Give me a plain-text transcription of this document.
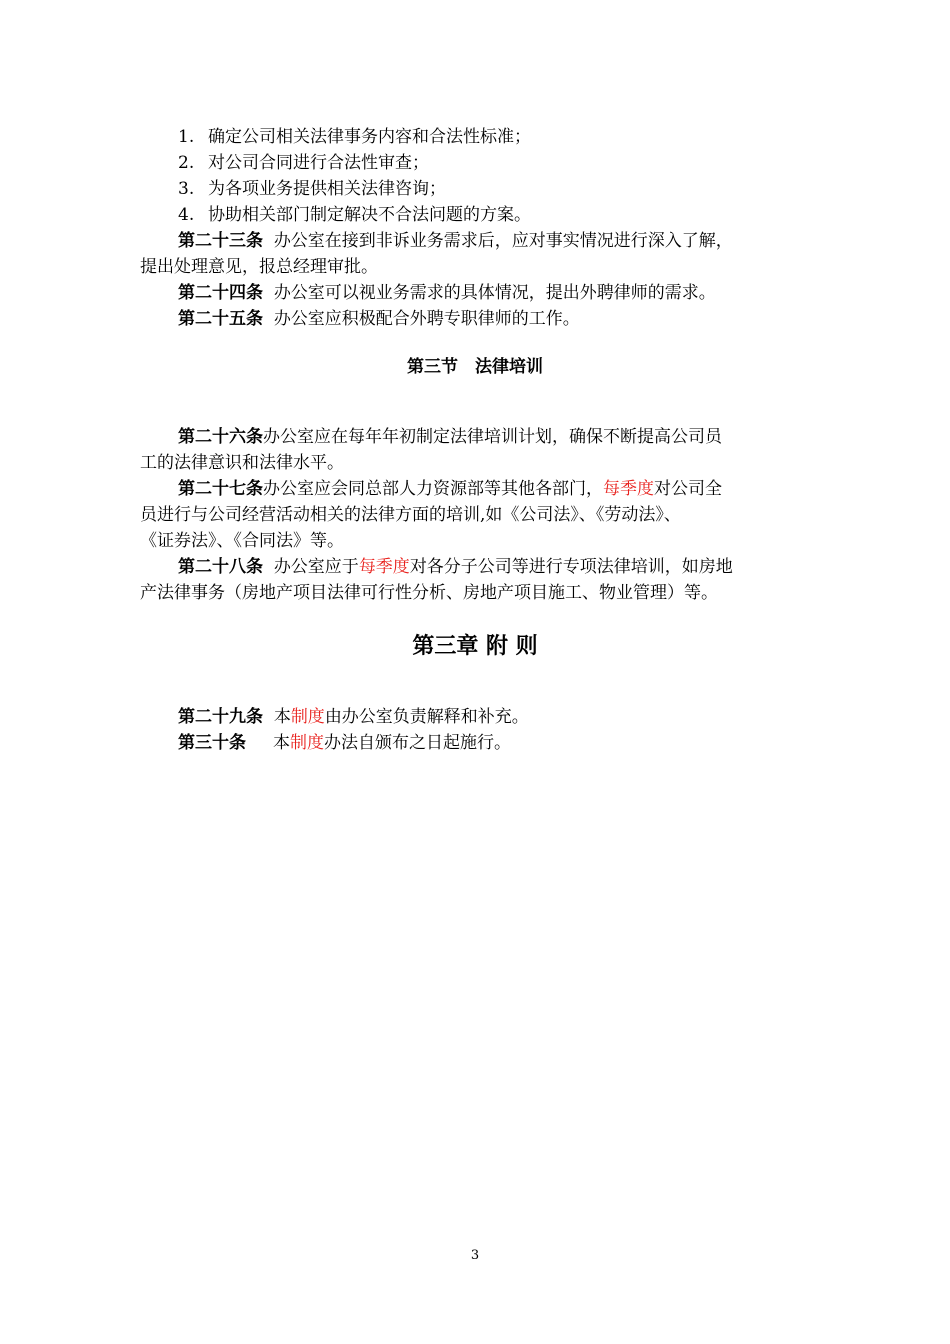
1. 确定公司相关法律事务内容和合法性标准；
2. 对公司合同进行合法性审查；
3. 为各项业务提供相关法律咨询；
4. 协助相关部门制定解决不合法问题的方案。
第二十三条 办公室在接到非诉业务需求后，应对事实情况进行深入了解，
提出处理意见，报总经理审批。
第二十四条 办公室可以视业务需求的具体情况，提出外聘律师的需求。
第二十五条 办公室应积极配合外聘专职律师的工作。
第三节　法律培训
第二十六条办公室应在每年年初制定法律培训计划，确保不断提高公司员
工的法律意识和法律水平。
第二十七条办公室应会同总部人力资源部等其他各部门，每季度对公司全
员进行与公司经营活动相关的法律方面的培训,如《公司法》、《劳动法》、
《证券法》、《合同法》等。
第二十八条 办公室应于每季度对各分子公司等进行专项法律培训，如房地
产法律事务（房地产项目法律可行性分析、房地产项目施工、物业管理）等。
第三章 附 则
第二十九条 本制度由办公室负责解释和补充。
第三十条 本制度办法自颁布之日起施行。
3
